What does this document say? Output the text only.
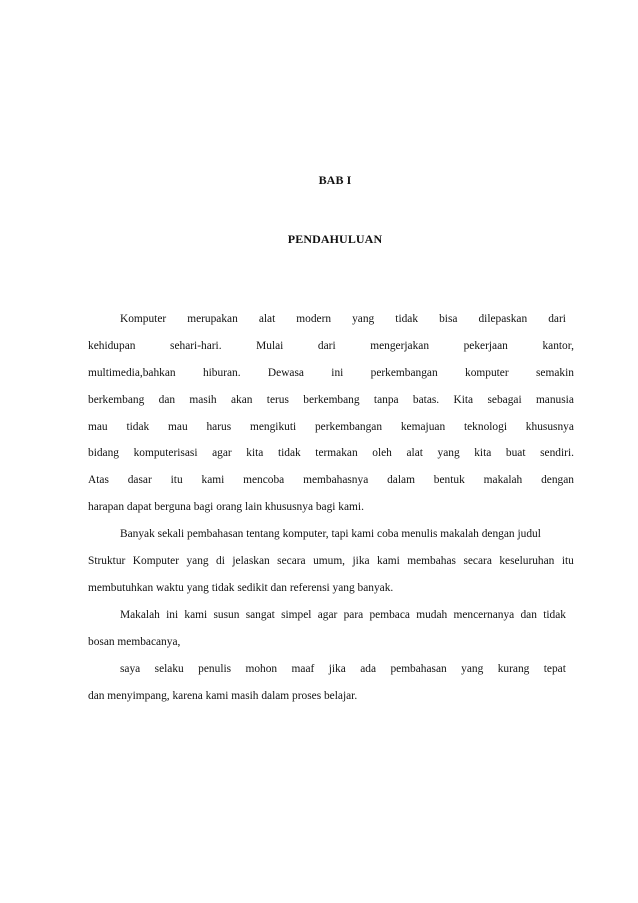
BAB I
PENDAHULUAN
Komputer merupakan alat modern yang tidak bisa dilepaskan dari
kehidupan	sehari-hari.	Mulai	dari	mengerjakan	pekerjaan	kantor,
multimedia,bahkan hiburan. Dewasa ini perkembangan komputer semakin
berkembang dan masih akan terus berkembang tanpa batas. Kita sebagai manusia
mau tidak mau harus mengikuti perkembangan kemajuan teknologi khususnya
bidang komputerisasi agar kita tidak termakan oleh alat yang kita buat sendiri.
Atas dasar itu kami mencoba membahasnya dalam bentuk makalah dengan
harapan dapat berguna bagi orang lain khususnya bagi kami.
Banyak sekali pembahasan tentang komputer, tapi kami coba menulis makalah dengan judul
Struktur Komputer yang di jelaskan secara umum, jika kami membahas secara keseluruhan itu
membutuhkan waktu yang tidak sedikit dan referensi yang banyak.
Makalah ini kami susun sangat simpel agar para pembaca mudah mencernanya dan tidak
bosan membacanya,
saya selaku penulis mohon maaf jika ada pembahasan yang kurang tepat
dan menyimpang, karena kami masih dalam proses belajar.
